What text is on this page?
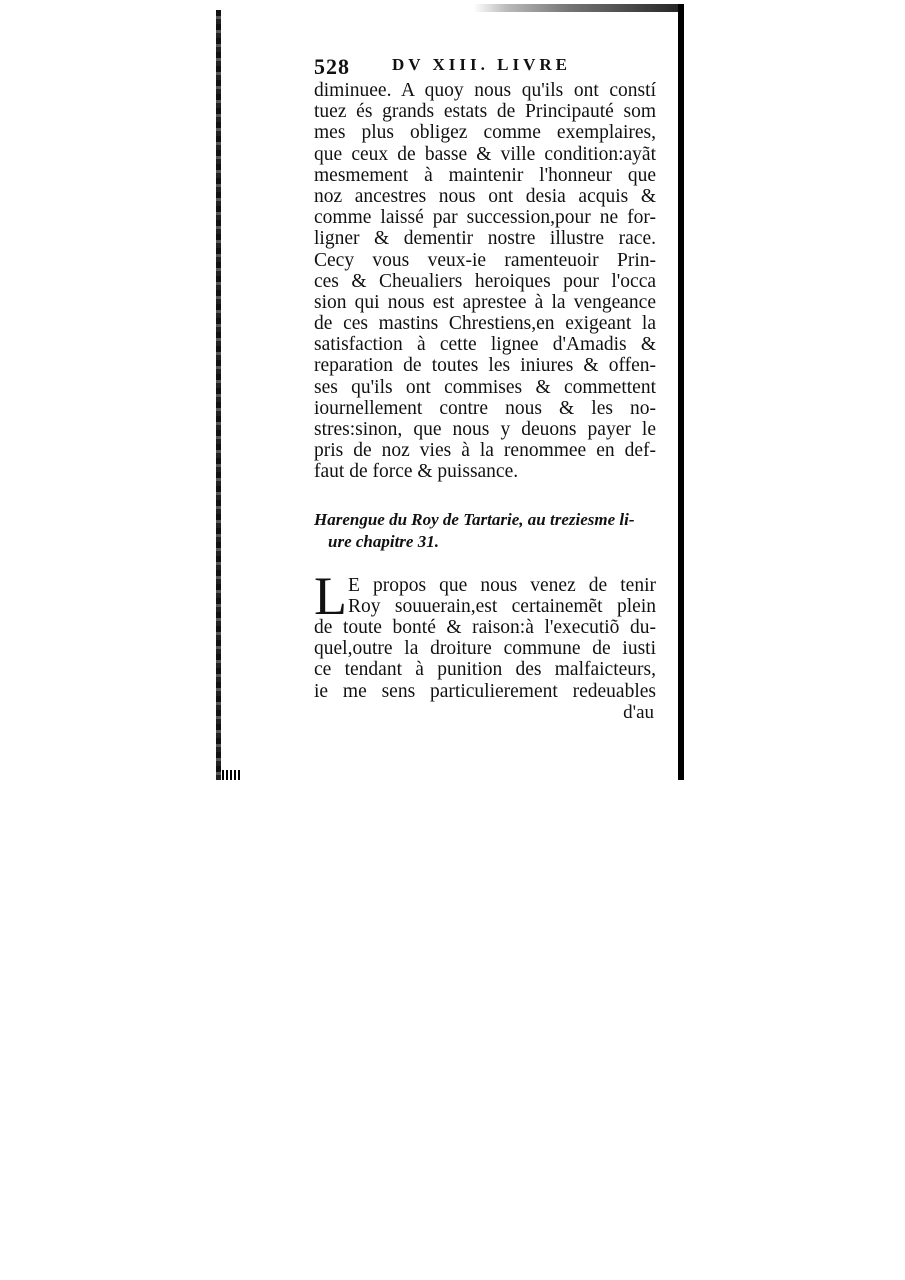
528 DV XIII. LIVRE
diminuee. A quoy nous qu'ils ont constí
tuez és grands estats de Principauté som
mes plus obligez comme exemplaires,
que ceux de basse & ville condition:ayãt
mesmement à maintenir l'honneur que
noz ancestres nous ont desia acquis &
comme laissé par succession,pour ne for-
ligner & dementir nostre illustre race.
Cecy vous veux-ie ramenteuoir Prin-
ces & Cheualiers heroiques pour l'occa
sion qui nous est aprestee à la vengeance
de ces mastins Chrestiens,en exigeant la
satisfaction à cette lignee d'Amadis &
reparation de toutes les iniures & offen-
ses qu'ils ont commises & commettent
iournellement contre nous & les no-
stres:sinon, que nous y deuons payer le
pris de noz vies à la renommee en def-
faut de force & puissance.
Harengue du Roy de Tartarie, au treziesme li-
ure chapitre 31.
L E propos que nous venez de tenir
Roy souuerain,est certainemẽt plein
de toute bonté & raison:à l'executiõ du-
quel,outre la droiture commune de iusti
ce tendant à punition des malfaicteurs,
ie me sens particulierement redeuables
d'au
